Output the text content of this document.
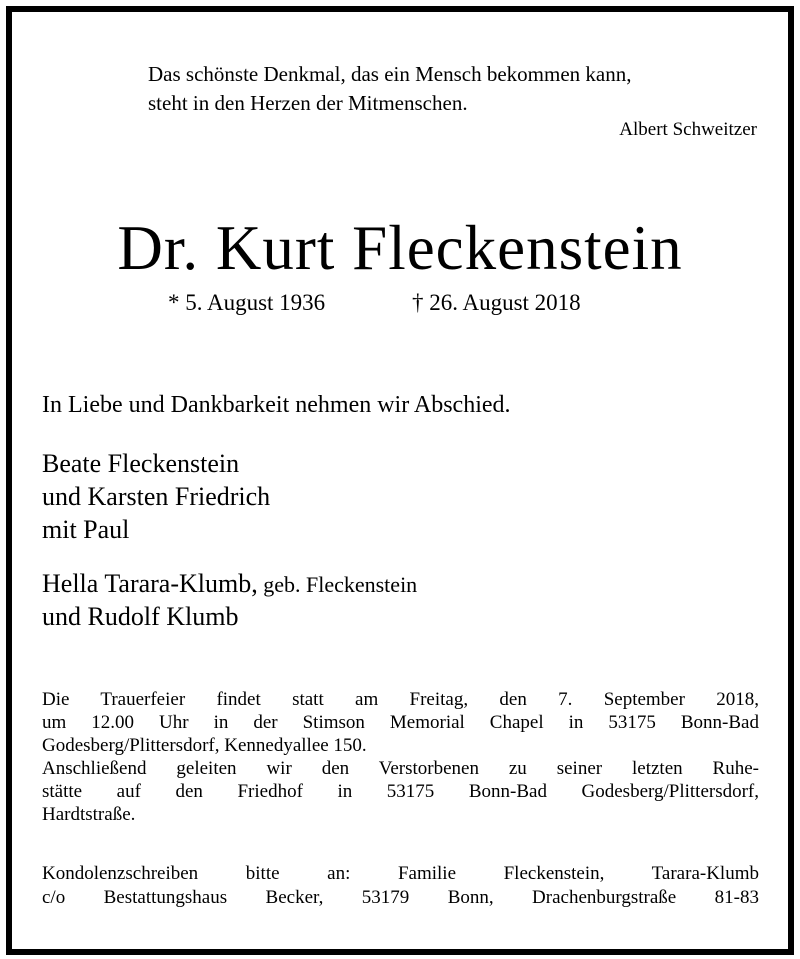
Das schönste Denkmal, das ein Mensch bekommen kann,
steht in den Herzen der Mitmenschen.
Albert Schweitzer
Dr. Kurt Fleckenstein
* 5. August 1936	† 26. August 2018
In Liebe und Dankbarkeit nehmen wir Abschied.
Beate Fleckenstein
und Karsten Friedrich
mit Paul
Hella Tarara-Klumb, geb. Fleckenstein
und Rudolf Klumb
Die Trauerfeier findet statt am Freitag, den 7. September 2018,
um 12.00 Uhr in der Stimson Memorial Chapel in 53175 Bonn-Bad
Godesberg/Plittersdorf, Kennedyallee 150.
Anschließend geleiten wir den Verstorbenen zu seiner letzten Ruhe-
stätte auf den Friedhof in 53175 Bonn-Bad Godesberg/Plittersdorf,
Hardtstraße.
Kondolenzschreiben bitte an: Familie Fleckenstein, Tarara-Klumb
c/o Bestattungshaus Becker, 53179 Bonn, Drachenburgstraße 81-83
